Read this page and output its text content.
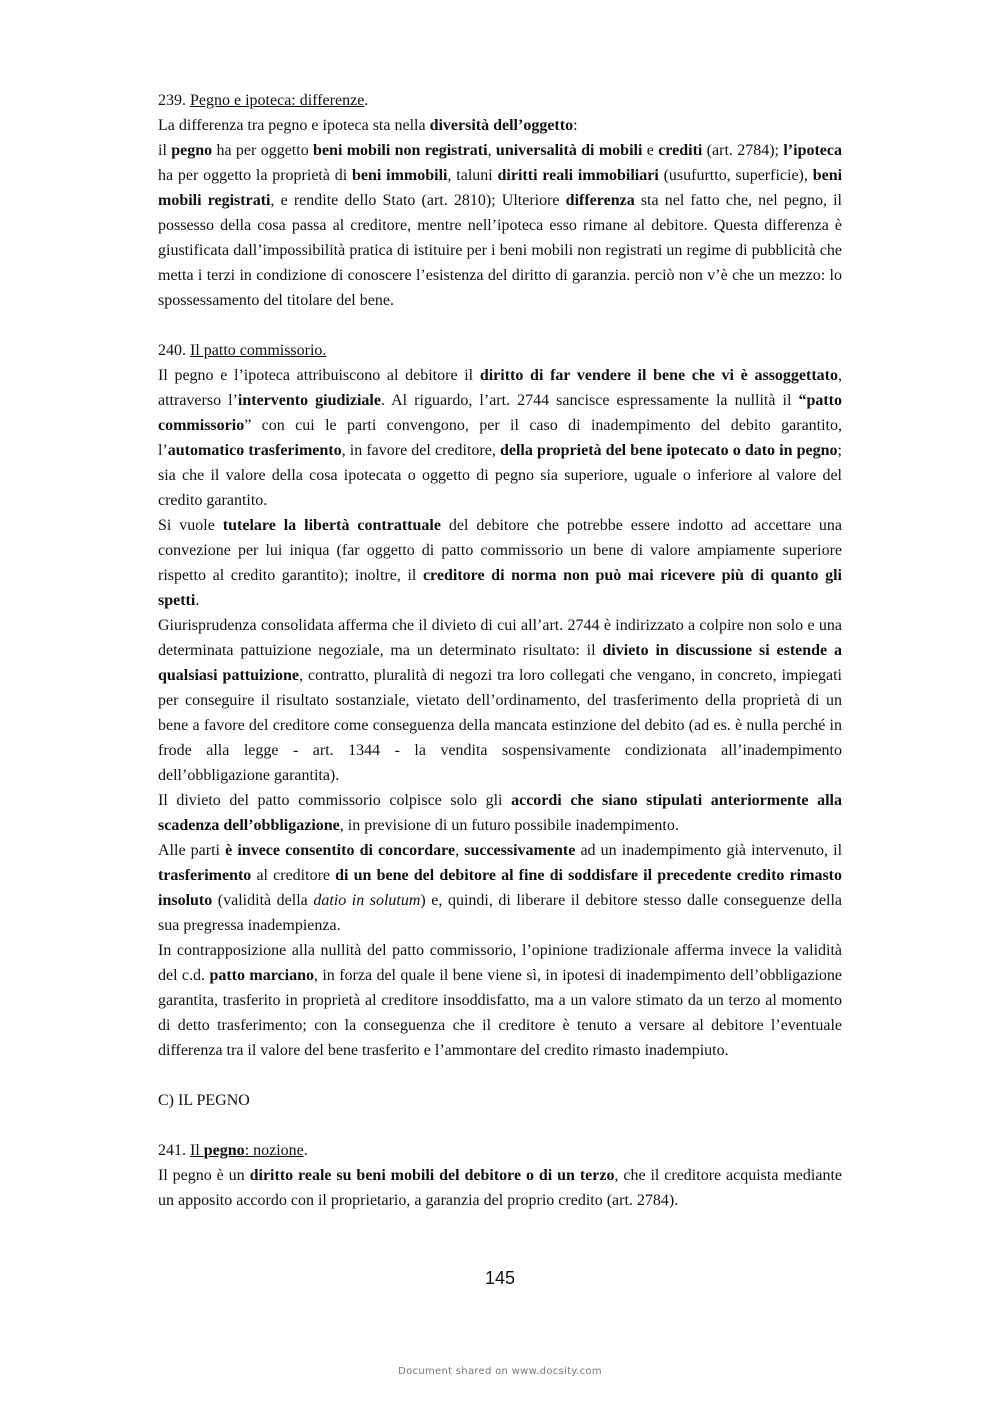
239. Pegno e ipoteca: differenze.

La differenza tra pegno e ipoteca sta nella diversità dell’oggetto:

il pegno ha per oggetto beni mobili non registrati, universalità di mobili e crediti (art. 2784); l’ipoteca ha per oggetto la proprietà di beni immobili, taluni diritti reali immobiliari (usufurtto, superficie), beni mobili registrati, e rendite dello Stato (art. 2810); Ulteriore differenza sta nel fatto che, nel pegno, il possesso della cosa passa al creditore, mentre nell’ipoteca esso rimane al debitore. Questa differenza è giustificata dall’impossibilità pratica di istituire per i beni mobili non registrati un regime di pubblicità che metta i terzi in condizione di conoscere l’esistenza del diritto di garanzia. perciò non v’è che un mezzo: lo spossessamento del titolare del bene.

240. Il patto commissorio.

Il pegno e l’ipoteca attribuiscono al debitore il diritto di far vendere il bene che vi è assoggettato, attraverso l’intervento giudiziale. Al riguardo, l’art. 2744 sancisce espressamente la nullità il “patto commissorio” con cui le parti convengono, per il caso di inadempimento del debito garantito, l’automatico trasferimento, in favore del creditore, della proprietà del bene ipotecato o dato in pegno; sia che il valore della cosa ipotecata o oggetto di pegno sia superiore, uguale o inferiore al valore del credito garantito.

Si vuole tutelare la libertà contrattuale del debitore che potrebbe essere indotto ad accettare una convezione per lui iniqua (far oggetto di patto commissorio un bene di valore ampiamente superiore rispetto al credito garantito); inoltre, il creditore di norma non può mai ricevere più di quanto gli spetti.

Giurisprudenza consolidata afferma che il divieto di cui all’art. 2744 è indirizzato a colpire non solo e una determinata pattuizione negoziale, ma un determinato risultato: il divieto in discussione si estende a qualsiasi pattuizione, contratto, pluralità di negozi tra loro collegati che vengano, in concreto, impiegati per conseguire il risultato sostanziale, vietato dell’ordinamento, del trasferimento della proprietà di un bene a favore del creditore come conseguenza della mancata estinzione del debito (ad es. è nulla perché in frode alla legge - art. 1344 - la vendita sospensivamente condizionata all’inadempimento dell’obbligazione garantita).

Il divieto del patto commissorio colpisce solo gli accordi che siano stipulati anteriormente alla scadenza dell’obbligazione, in previsione di un futuro possibile inadempimento.

Alle parti è invece consentito di concordare, successivamente ad un inadempimento già intervenuto, il trasferimento al creditore di un bene del debitore al fine di soddisfare il precedente credito rimasto insoluto (validità della datio in solutum) e, quindi, di liberare il debitore stesso dalle conseguenze della sua pregressa inadempienza.

In contrapposizione alla nullità del patto commissorio, l’opinione tradizionale afferma invece la validità del c.d. patto marciano, in forza del quale il bene viene sì, in ipotesi di inadempimento dell’obbligazione garantita, trasferito in proprietà al creditore insoddisfatto, ma a un valore stimato da un terzo al momento di detto trasferimento; con la conseguenza che il creditore è tenuto a versare al debitore l’eventuale differenza tra il valore del bene trasferito e l’ammontare del credito rimasto inadempiuto.

C) IL PEGNO

241. Il pegno: nozione.

Il pegno è un diritto reale su beni mobili del debitore o di un terzo, che il creditore acquista mediante un apposito accordo con il proprietario, a garanzia del proprio credito (art. 2784).

145
Document shared on www.docsity.com
